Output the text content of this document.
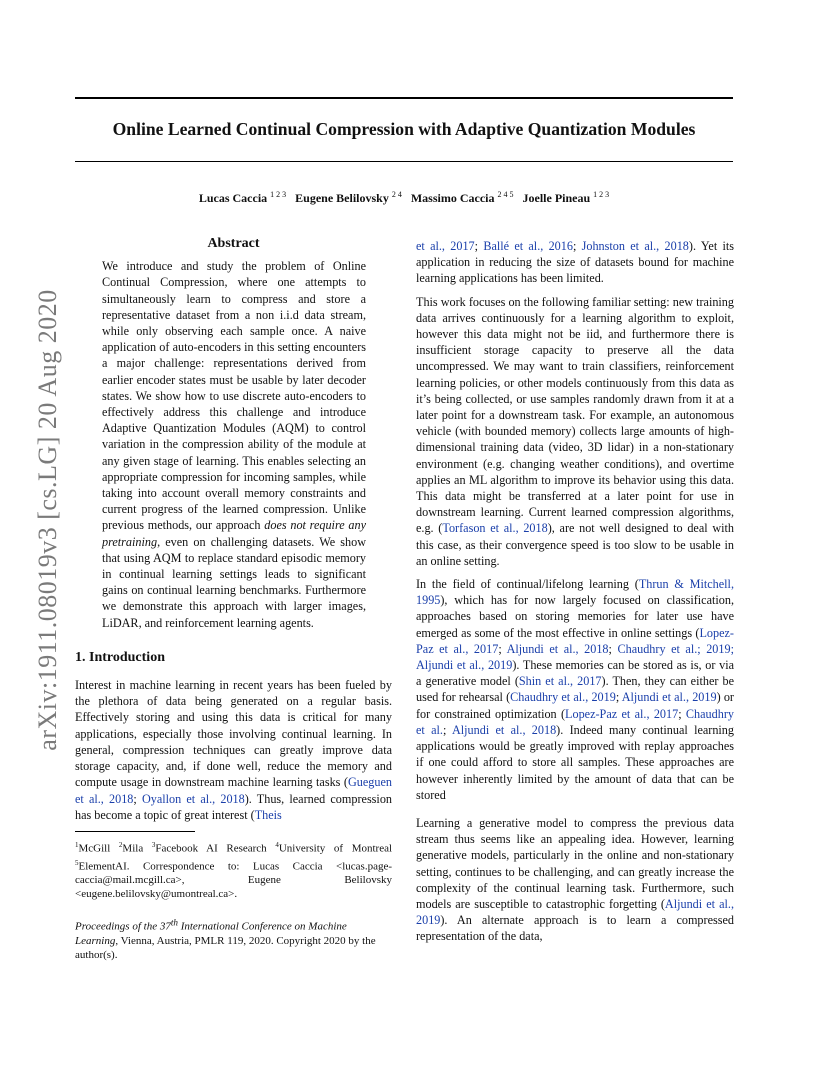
Online Learned Continual Compression with Adaptive Quantization Modules
Lucas Caccia $^{1 2 3}$ Eugene Belilovsky $^{2 4}$ Massimo Caccia $^{2 4 5}$ Joelle Pineau $^{1 2 3}$
arXiv:1911.08019v3 [cs.LG] 20 Aug 2020
Abstract

We introduce and study the problem of Online Continual Compression, where one attempts to simultaneously learn to compress and store a representative dataset from a non i.i.d data stream, while only observing each sample once. A naive application of auto-encoders in this setting encounters a major challenge: representations derived from earlier encoder states must be usable by later decoder states. We show how to use discrete auto-encoders to effectively address this challenge and introduce Adaptive Quantization Modules (AQM) to control variation in the compression ability of the module at any given stage of learning. This enables selecting an appropriate compression for incoming samples, while taking into account overall memory constraints and current progress of the learned compression. Unlike previous methods, our approach does not require any pretraining, even on challenging datasets. We show that using AQM to replace standard episodic memory in continual learning settings leads to significant gains on continual learning benchmarks. Furthermore we demonstrate this approach with larger images, LiDAR, and reinforcement learning agents.

1. Introduction

Interest in machine learning in recent years has been fueled by the plethora of data being generated on a regular basis. Effectively storing and using this data is critical for many applications, especially those involving continual learning. In general, compression techniques can greatly improve data storage capacity, and, if done well, reduce the memory and compute usage in downstream machine learning tasks (Gueguen et al., 2018; Oyallon et al., 2018). Thus, learned compression has become a topic of great interest (Theis

$^1$McGill $^2$Mila $^3$Facebook AI Research $^4$University of Montreal $^5$ElementAI. Correspondence to: Lucas Caccia <lucas.page-caccia@mail.mcgill.ca>, Eugene Belilovsky <eugene.belilovsky@umontreal.ca>.

Proceedings of the 37th International Conference on Machine Learning, Vienna, Austria, PMLR 119, 2020. Copyright 2020 by the author(s).

et al., 2017; Ballé et al., 2016; Johnston et al., 2018). Yet its application in reducing the size of datasets bound for machine learning applications has been limited.

This work focuses on the following familiar setting: new training data arrives continuously for a learning algorithm to exploit, however this data might not be iid, and furthermore there is insufficient storage capacity to preserve all the data uncompressed. We may want to train classifiers, reinforcement learning policies, or other models continuously from this data as it’s being collected, or use samples randomly drawn from it at a later point for a downstream task. For example, an autonomous vehicle (with bounded memory) collects large amounts of high-dimensional training data (video, 3D lidar) in a non-stationary environment (e.g. changing weather conditions), and overtime applies an ML algorithm to improve its behavior using this data. This data might be transferred at a later point for use in downstream learning. Current learned compression algorithms, e.g. (Torfason et al., 2018), are not well designed to deal with this case, as their convergence speed is too slow to be usable in an online setting.

In the field of continual/lifelong learning (Thrun & Mitchell, 1995), which has for now largely focused on classification, approaches based on storing memories for later use have emerged as some of the most effective in online settings (Lopez-Paz et al., 2017; Aljundi et al., 2018; Chaudhry et al.; 2019; Aljundi et al., 2019). These memories can be stored as is, or via a generative model (Shin et al., 2017). Then, they can either be used for rehearsal (Chaudhry et al., 2019; Aljundi et al., 2019) or for constrained optimization (Lopez-Paz et al., 2017; Chaudhry et al.; Aljundi et al., 2018). Indeed many continual learning applications would be greatly improved with replay approaches if one could afford to store all samples. These approaches are however inherently limited by the amount of data that can be stored

Learning a generative model to compress the previous data stream thus seems like an appealing idea. However, learning generative models, particularly in the online and non-stationary setting, continues to be challenging, and can greatly increase the complexity of the continual learning task. Furthermore, such models are susceptible to catastrophic forgetting (Aljundi et al., 2019). An alternate approach is to learn a compressed representation of the data,
